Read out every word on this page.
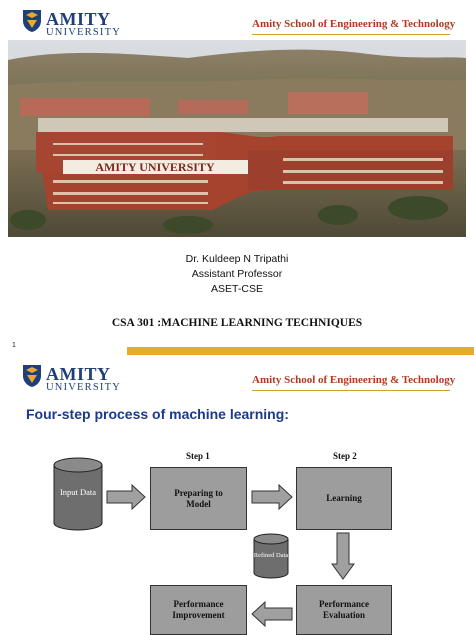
AMITY
UNIVERSITY
Amity School of Engineering & Technology
AMITY UNIVERSITY
Dr. Kuldeep N Tripathi
Assistant Professor
ASET-CSE
CSA 301 :MACHINE LEARNING TECHNIQUES
1
AMITY
UNIVERSITY
Amity School of Engineering & Technology
Four-step process of machine learning:
Step 1	Step 2
Input Data	Preparing to Model
Learning
Refined Data
Performance Improvement
Performance Evaluation
